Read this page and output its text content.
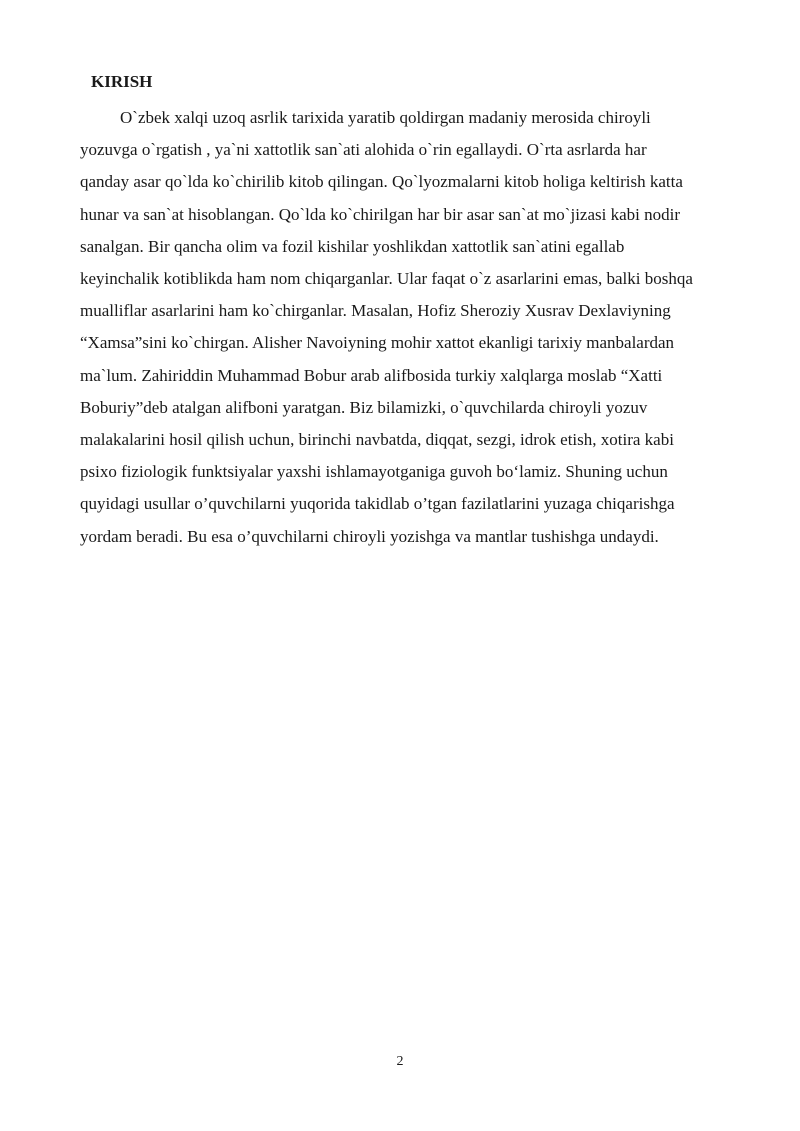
KIRISH
O`zbek xalqi uzoq asrlik tarixida yaratib qoldirgan madaniy merosida chiroyli
yozuvga o`rgatish , ya`ni xattotlik san`ati alohida o`rin egallaydi. O`rta asrlarda har
qanday asar qo`lda ko`chirilib kitob qilingan. Qo`lyozmalarni kitob holiga keltirish katta
hunar va san`at hisoblangan. Qo`lda ko`chirilgan har bir asar san`at mo`jizasi kabi nodir
sanalgan. Bir qancha olim va fozil kishilar yoshlikdan xattotlik san`atini egallab
keyinchalik kotiblikda ham nom chiqarganlar. Ular faqat o`z asarlarini emas, balki boshqa
mualliflar asarlarini ham ko`chirganlar. Masalan, Hofiz Sheroziy Xusrav Dexlaviyning
“Xamsa”sini ko`chirgan. Alisher Navoiyning mohir xattot ekanligi tarixiy manbalardan
ma`lum. Zahiriddin Muhammad Bobur arab alifbosida turkiy xalqlarga moslab “Xatti
Boburiy”deb atalgan alifboni yaratgan. Biz bilamizki, o`quvchilarda chiroyli yozuv
malakalarini hosil qilish uchun, birinchi navbatda, diqqat, sezgi, idrok etish, xotira kabi
psixo fiziologik funktsiyalar yaxshi ishlamayotganiga guvoh bo‘lamiz. Shuning uchun
quyidagi usullar o’quvchilarni yuqorida takidlab o’tgan fazilatlarini yuzaga chiqarishga
yordam beradi. Bu esa o’quvchilarni chiroyli yozishga va mantlar tushishga undaydi.
2
